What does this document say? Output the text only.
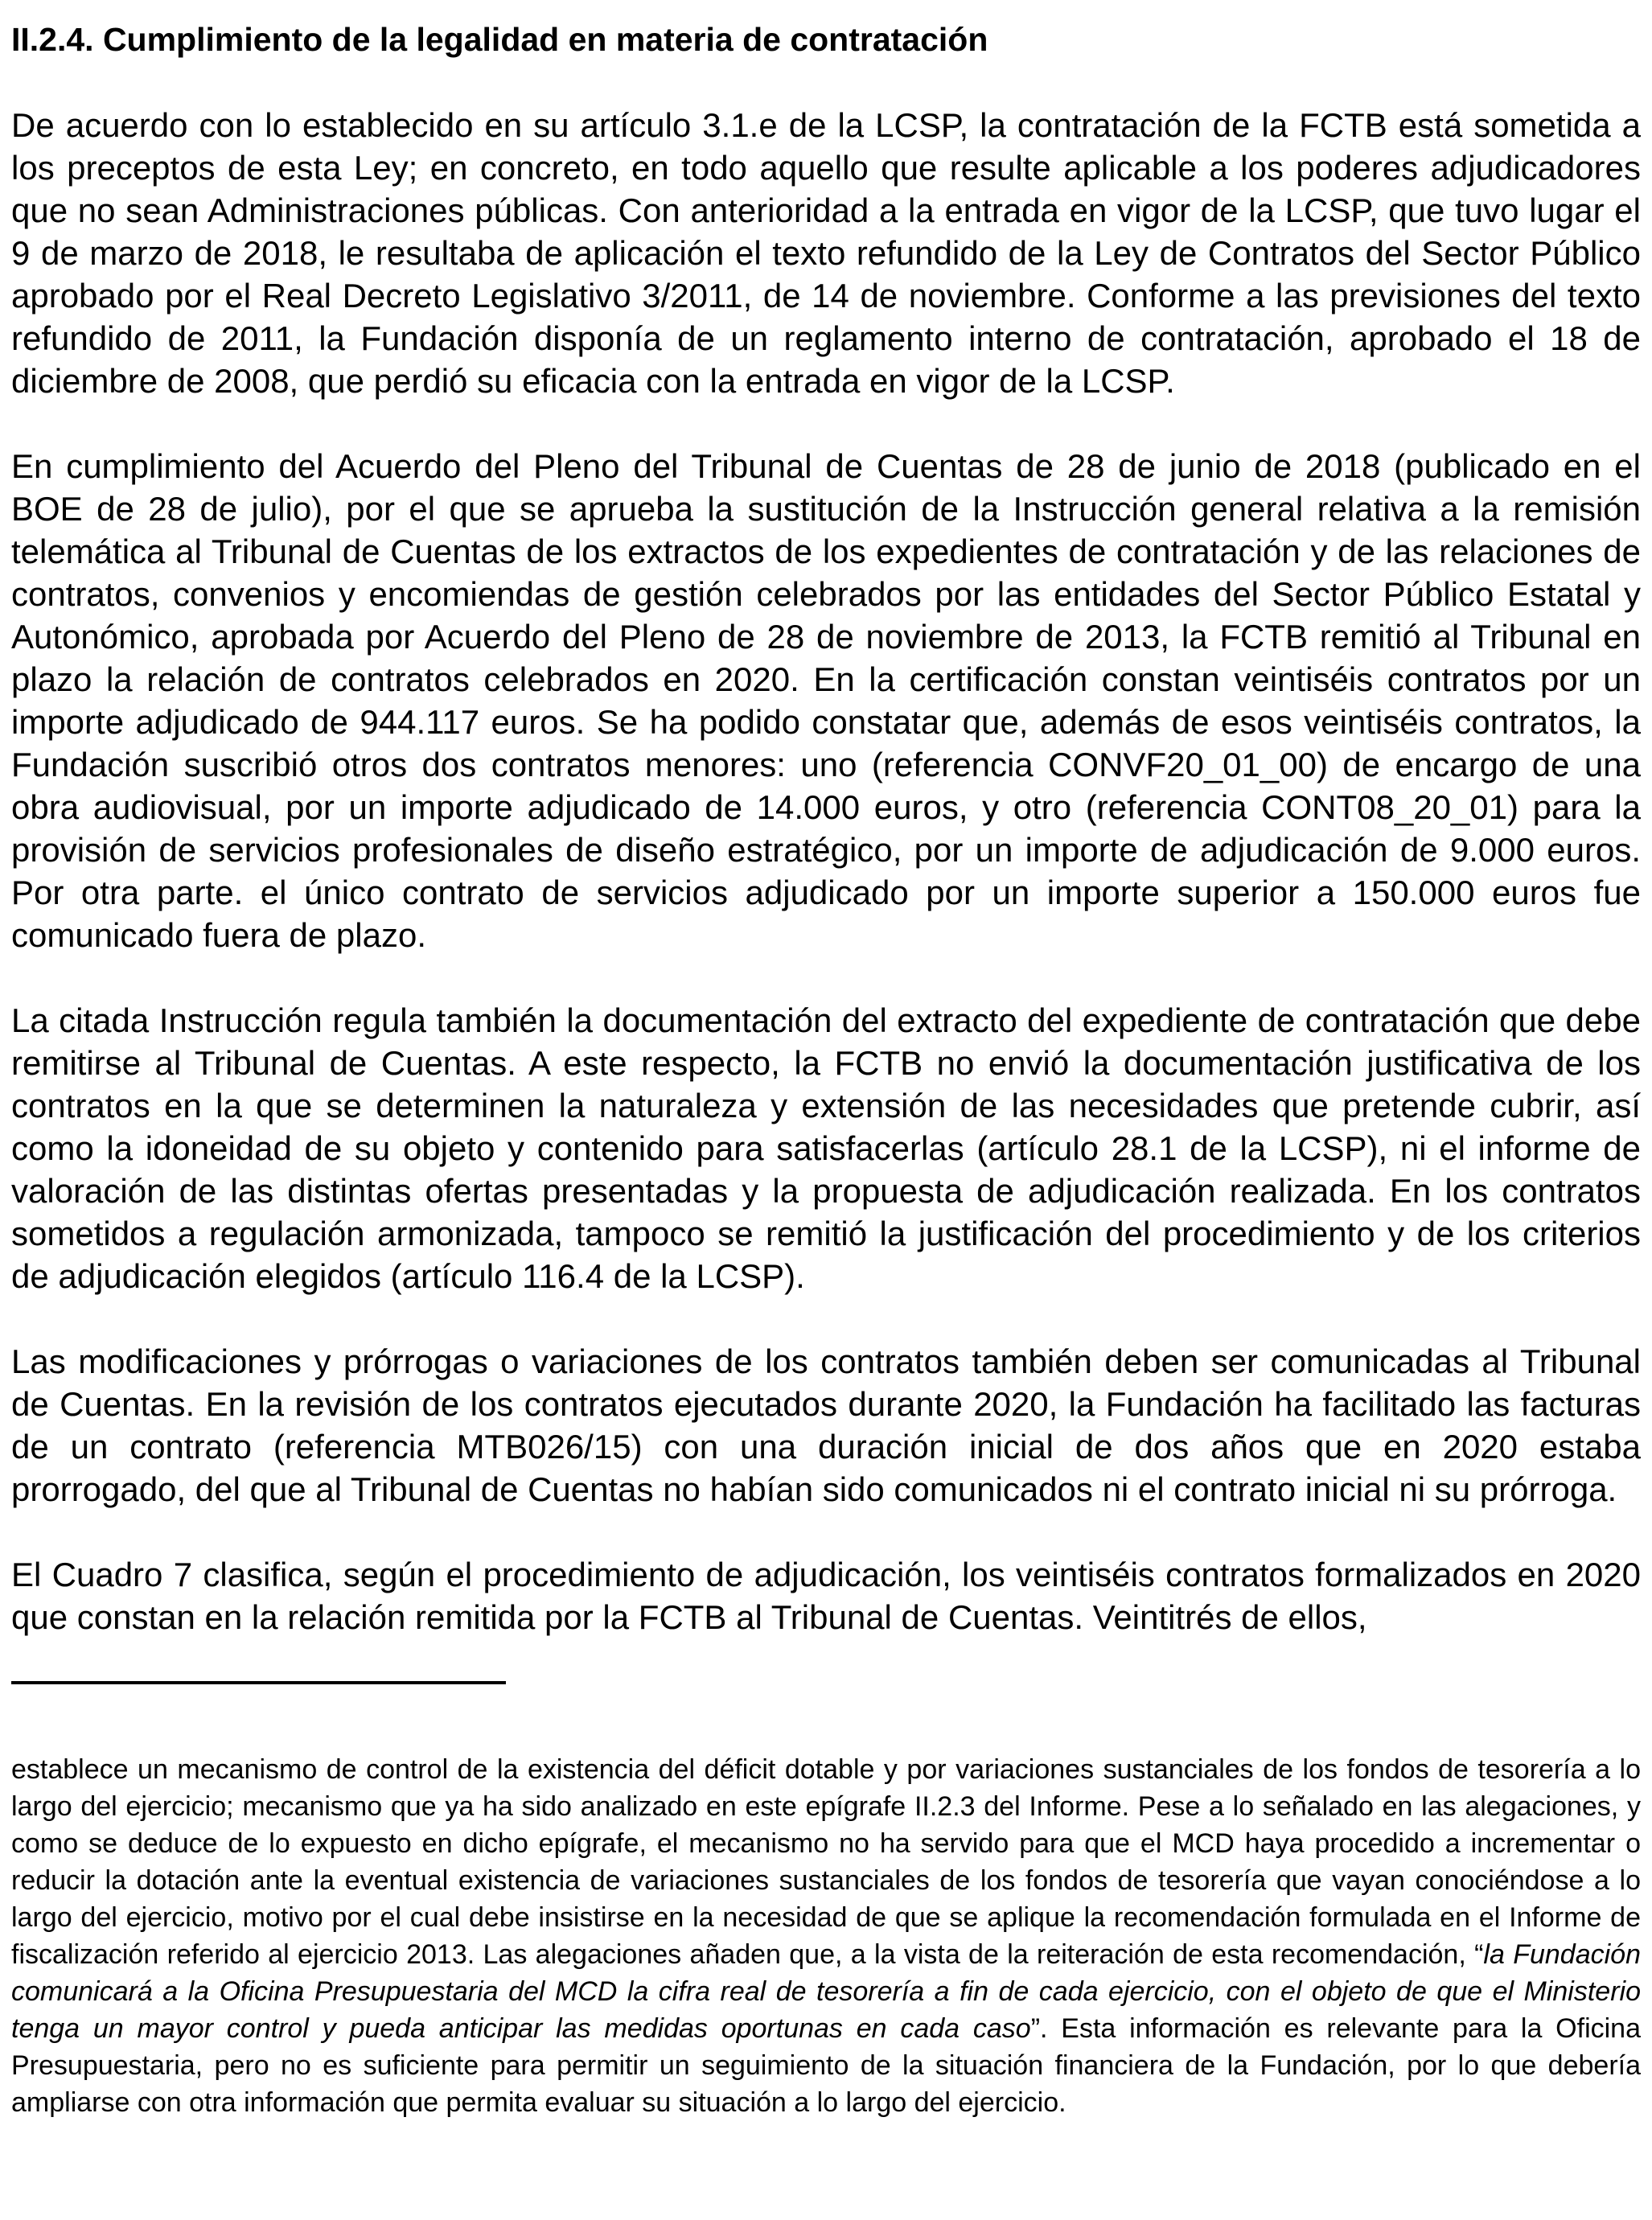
II.2.4. Cumplimiento de la legalidad en materia de contratación

De acuerdo con lo establecido en su artículo 3.1.e de la LCSP, la contratación de la FCTB está sometida a los preceptos de esta Ley; en concreto, en todo aquello que resulte aplicable a los poderes adjudicadores que no sean Administraciones públicas. Con anterioridad a la entrada en vigor de la LCSP, que tuvo lugar el 9 de marzo de 2018, le resultaba de aplicación el texto refundido de la Ley de Contratos del Sector Público aprobado por el Real Decreto Legislativo 3/2011, de 14 de noviembre. Conforme a las previsiones del texto refundido de 2011, la Fundación disponía de un reglamento interno de contratación, aprobado el 18 de diciembre de 2008, que perdió su eficacia con la entrada en vigor de la LCSP.

En cumplimiento del Acuerdo del Pleno del Tribunal de Cuentas de 28 de junio de 2018 (publicado en el BOE de 28 de julio), por el que se aprueba la sustitución de la Instrucción general relativa a la remisión telemática al Tribunal de Cuentas de los extractos de los expedientes de contratación y de las relaciones de contratos, convenios y encomiendas de gestión celebrados por las entidades del Sector Público Estatal y Autonómico, aprobada por Acuerdo del Pleno de 28 de noviembre de 2013, la FCTB remitió al Tribunal en plazo la relación de contratos celebrados en 2020. En la certificación constan veintiséis contratos por un importe adjudicado de 944.117 euros. Se ha podido constatar que, además de esos veintiséis contratos, la Fundación suscribió otros dos contratos menores: uno (referencia CONVF20_01_00) de encargo de una obra audiovisual, por un importe adjudicado de 14.000 euros, y otro (referencia CONT08_20_01) para la provisión de servicios profesionales de diseño estratégico, por un importe de adjudicación de 9.000 euros. Por otra parte. el único contrato de servicios adjudicado por un importe superior a 150.000 euros fue comunicado fuera de plazo.

La citada Instrucción regula también la documentación del extracto del expediente de contratación que debe remitirse al Tribunal de Cuentas. A este respecto, la FCTB no envió la documentación justificativa de los contratos en la que se determinen la naturaleza y extensión de las necesidades que pretende cubrir, así como la idoneidad de su objeto y contenido para satisfacerlas (artículo 28.1 de la LCSP), ni el informe de valoración de las distintas ofertas presentadas y la propuesta de adjudicación realizada. En los contratos sometidos a regulación armonizada, tampoco se remitió la justificación del procedimiento y de los criterios de adjudicación elegidos (artículo 116.4 de la LCSP).

Las modificaciones y prórrogas o variaciones de los contratos también deben ser comunicadas al Tribunal de Cuentas. En la revisión de los contratos ejecutados durante 2020, la Fundación ha facilitado las facturas de un contrato (referencia MTB026/15) con una duración inicial de dos años que en 2020 estaba prorrogado, del que al Tribunal de Cuentas no habían sido comunicados ni el contrato inicial ni su prórroga.

El Cuadro 7 clasifica, según el procedimiento de adjudicación, los veintiséis contratos formalizados en 2020 que constan en la relación remitida por la FCTB al Tribunal de Cuentas. Veintitrés de ellos,

establece un mecanismo de control de la existencia del déficit dotable y por variaciones sustanciales de los fondos de tesorería a lo largo del ejercicio; mecanismo que ya ha sido analizado en este epígrafe II.2.3 del Informe. Pese a lo señalado en las alegaciones, y como se deduce de lo expuesto en dicho epígrafe, el mecanismo no ha servido para que el MCD haya procedido a incrementar o reducir la dotación ante la eventual existencia de variaciones sustanciales de los fondos de tesorería que vayan conociéndose a lo largo del ejercicio, motivo por el cual debe insistirse en la necesidad de que se aplique la recomendación formulada en el Informe de fiscalización referido al ejercicio 2013. Las alegaciones añaden que, a la vista de la reiteración de esta recomendación, “la Fundación comunicará a la Oficina Presupuestaria del MCD la cifra real de tesorería a fin de cada ejercicio, con el objeto de que el Ministerio tenga un mayor control y pueda anticipar las medidas oportunas en cada caso”. Esta información es relevante para la Oficina Presupuestaria, pero no es suficiente para permitir un seguimiento de la situación financiera de la Fundación, por lo que debería ampliarse con otra información que permita evaluar su situación a lo largo del ejercicio.
